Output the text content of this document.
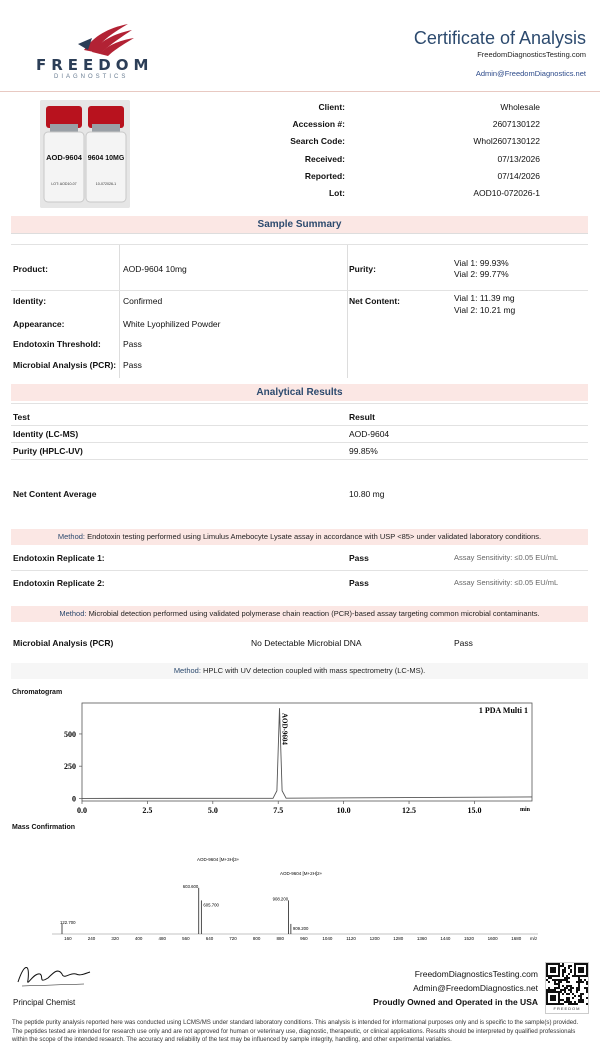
FREEDOM
DIAGNOSTICS
Certificate of Analysis
FreedomDiagnosticsTesting.com
Admin@FreedomDiagnostics.net
AOD-9604 9604 10MG
LOT: AOD10-07	10-072026-1
Client:	Wholesale
Accession #:	2607130122
Search Code:	Whol2607130122
Received:	07/13/2026
Reported:	07/14/2026
Lot:	AOD10-072026-1
Sample Summary
Product:	AOD-9604 10mg	Purity:
Vial 1: 99.93%
Vial 2: 99.77%
Identity:	Confirmed	Net Content:	Vial 1: 11.39 mg
Vial 2: 10.21 mg
Appearance:	White Lyophilized Powder
Endotoxin Threshold:	Pass
Microbial Analysis (PCR): Pass
Analytical Results
Test	Result
Identity (LC-MS)	AOD-9604
Purity (HPLC-UV)	99.85%
Net Content Average	10.80 mg
Method: Endotoxin testing performed using Limulus Amebocyte Lysate assay in accordance with USP <85> under validated laboratory conditions.
Endotoxin Replicate 1:	Pass	Assay Sensitivity: ≤0.05 EU/mL
Endotoxin Replicate 2:	Pass	Assay Sensitivity: ≤0.05 EU/mL
Method: Microbial detection performed using validated polymerase chain reaction (PCR)-based assay targeting common microbial contaminants.
Microbial Analysis (PCR)	No Detectable Microbial DNA	Pass
Method: HPLC with UV detection coupled with mass spectrometry (LC-MS).
Chromatogram
0
250
500
0.0	2.5	5.0	7.5	10.0	12.5	15.0
1 PDA Multi 1
min
AOD-9604
Mass Confirmation
160	240	320	400	480	560	640	720	800	880	960	1040	1120	1200	1280	1360	1440	1520	1600	1680
122.700
603.600
605.700
908.200
909.200
AOD-9604 [M+3H]3+
AOD-9604 [M+2H]2+
m/z
Principal Chemist
FreedomDiagnosticsTesting.com
Admin@FreedomDiagnostics.net
Proudly Owned and Operated in the USA
FREEDOM
The peptide purity analysis reported here was conducted using LCMS/MS under standard laboratory conditions. This analysis is intended for informational purposes only and is specific to the sample(s) provided. The peptides tested are intended for research use only and are not approved for human or veterinary use, diagnostic, therapeutic, or clinical applications. Results should be interpreted by qualified professionals within the scope of the intended research. The accuracy and reliability of the test may be influenced by sample integrity, handling, and other experimental variables.
